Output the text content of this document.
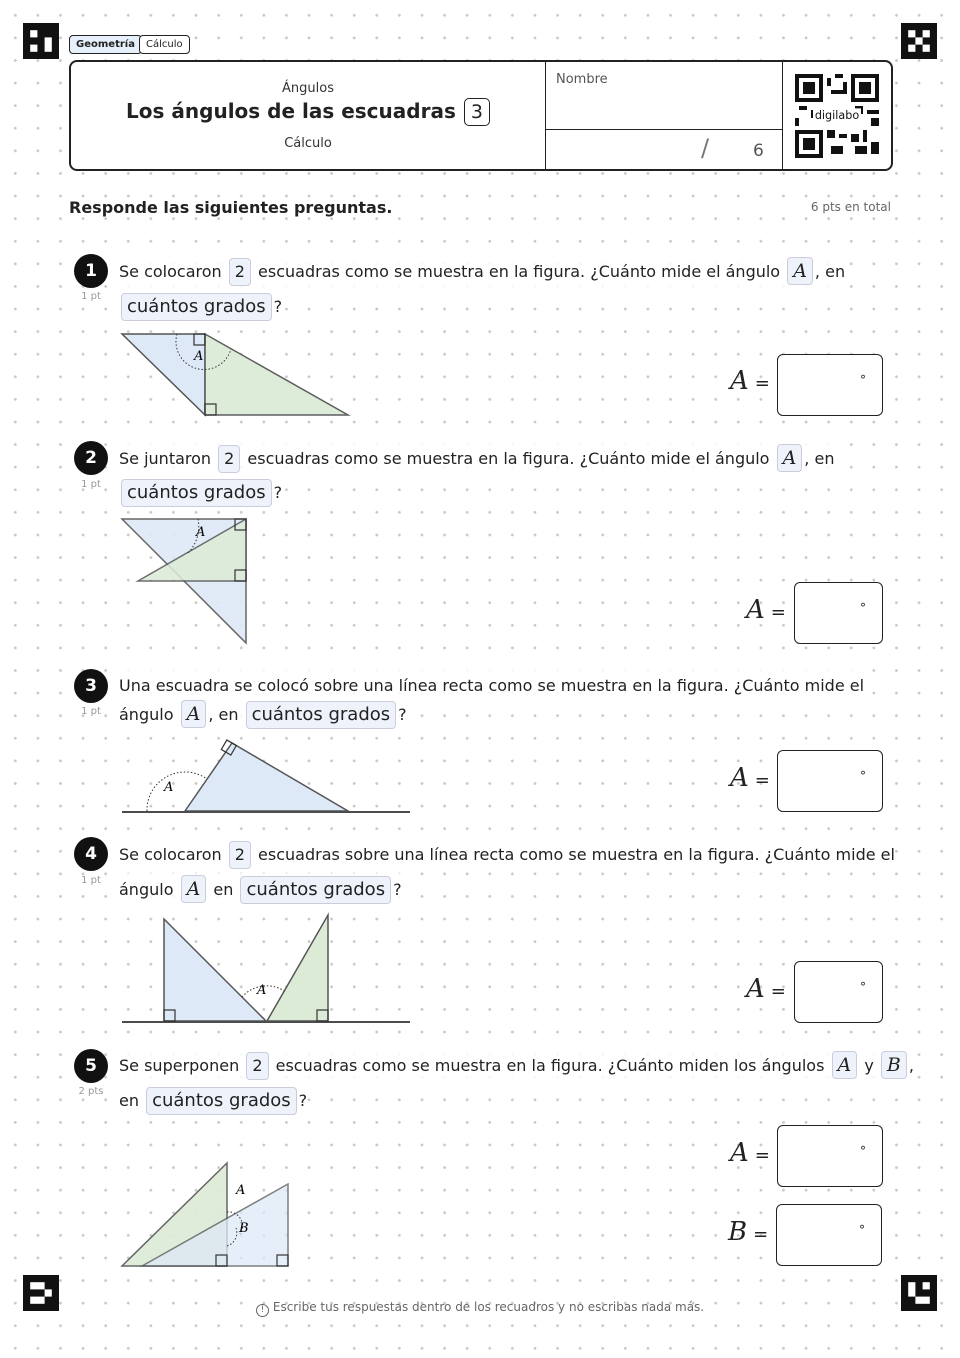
Geometría	Cálculo
Ángulos
Los ángulos de las escuadras 3
Cálculo
Nombre
/	6
digilabo
Responde las siguientes preguntas.	6 pts en total
1
1 pt
Se colocaron 2 escuadras como se muestra en la figura. ¿Cuánto mide el ángulo A , en
cuántos grados ?
A
A =	°
2
1 pt
Se juntaron 2 escuadras como se muestra en la figura. ¿Cuánto mide el ángulo A , en
cuántos grados ?
A
A =	°
3
1 pt
Una escuadra se colocó sobre una línea recta como se muestra en la figura. ¿Cuánto mide el
ángulo A , en cuántos grados ?
A	A =	°
4
1 pt
Se colocaron 2 escuadras sobre una línea recta como se muestra en la figura. ¿Cuánto mide el
ángulo A en cuántos grados ?
A	A =	°
5
2 pts
Se superponen 2 escuadras como se muestra en la figura. ¿Cuánto miden los ángulos A y B ,
en cuántos grados ?
A
B
A =	°
B =	°
! Escribe tus respuestas dentro de los recuadros y no escribas nada más.
